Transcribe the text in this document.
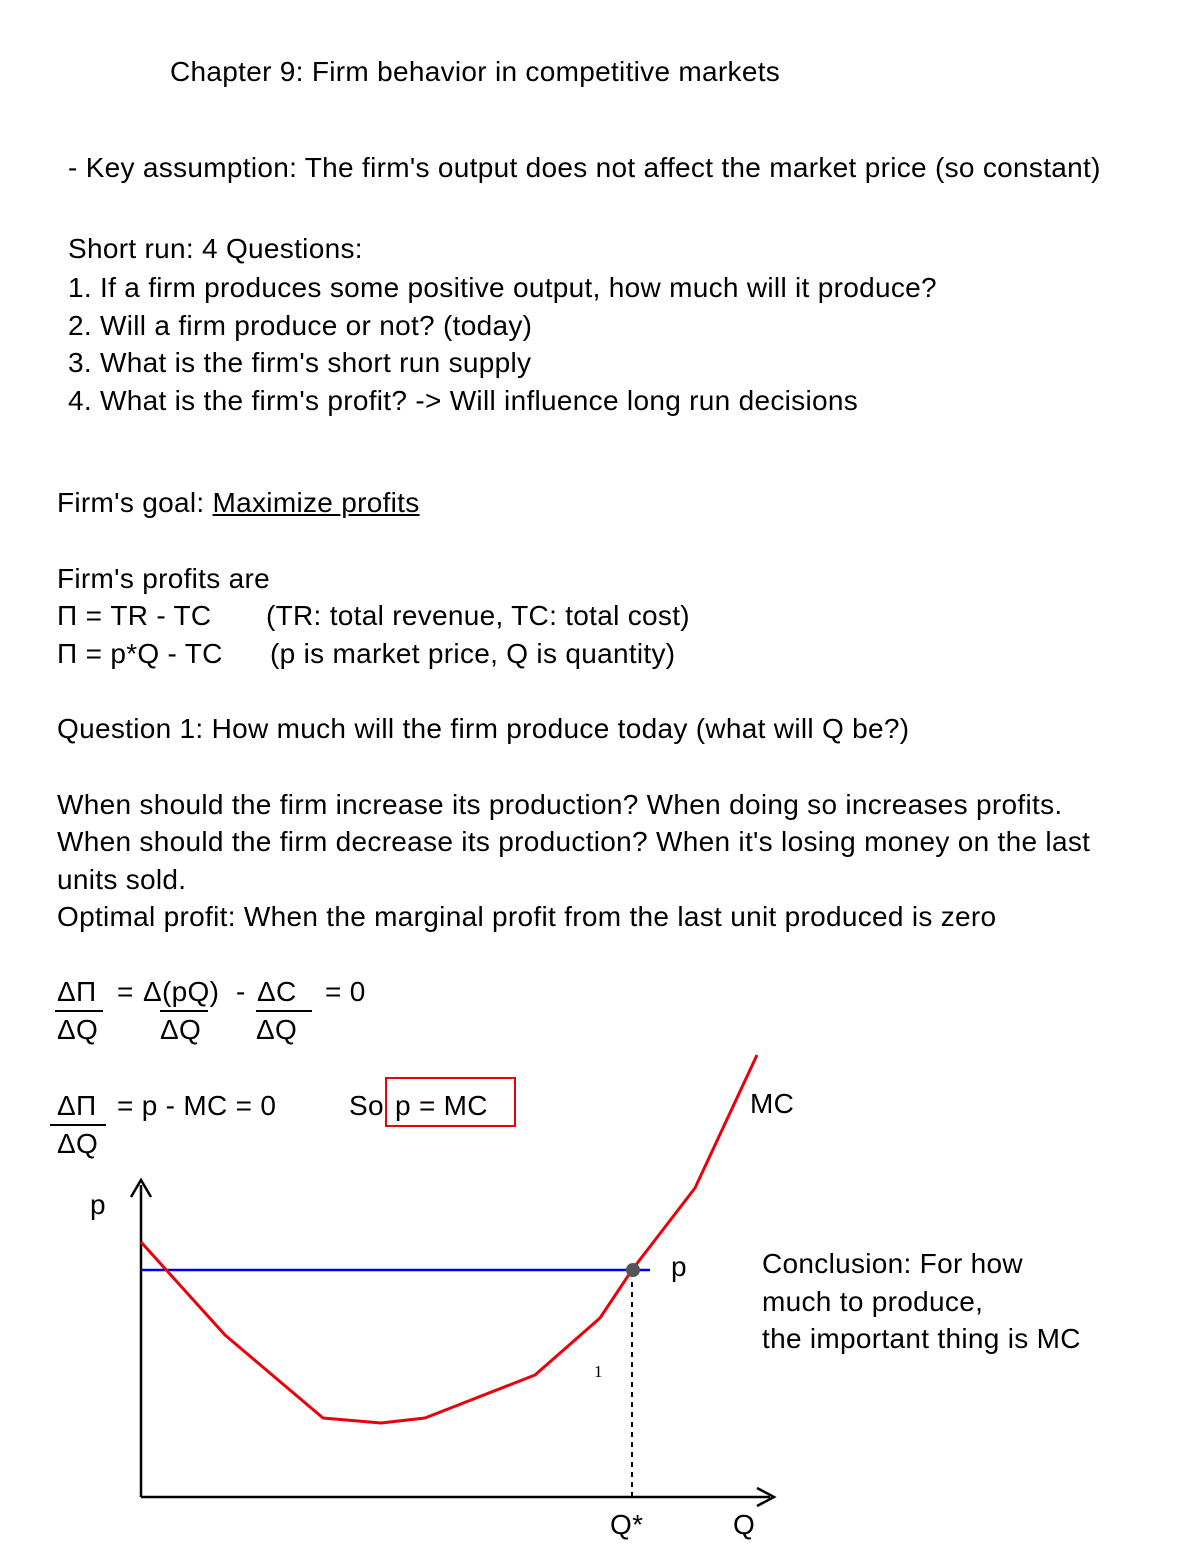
Chapter 9: Firm behavior in competitive markets
- Key assumption: The firm's output does not affect the market price (so constant)
Short run: 4 Questions:
1. If a firm produces some positive output, how much will it produce?
2. Will a firm produce or not? (today)
3. What is the firm's short run supply
4. What is the firm's profit? -> Will influence long run decisions
Firm's goal: Maximize profits
Firm's profits are
Π = TR - TC (TR: total revenue, TC: total cost)
Π = p*Q - TC (p is market price, Q is quantity)
Question 1: How much will the firm produce today (what will Q be?)
When should the firm increase its production? When doing so increases profits.
When should the firm decrease its production? When it's losing money on the last
units sold.
Optimal profit: When the marginal profit from the last unit produced is zero
ΔΠ
ΔQ
= Δ(pQ)
ΔQ
- ΔC
ΔQ
= 0
ΔΠ
ΔQ
= p - MC = 0	So p = MC
p
Q
Q*
MC
p
1
Conclusion: For how
much to produce,
the important thing is MC
